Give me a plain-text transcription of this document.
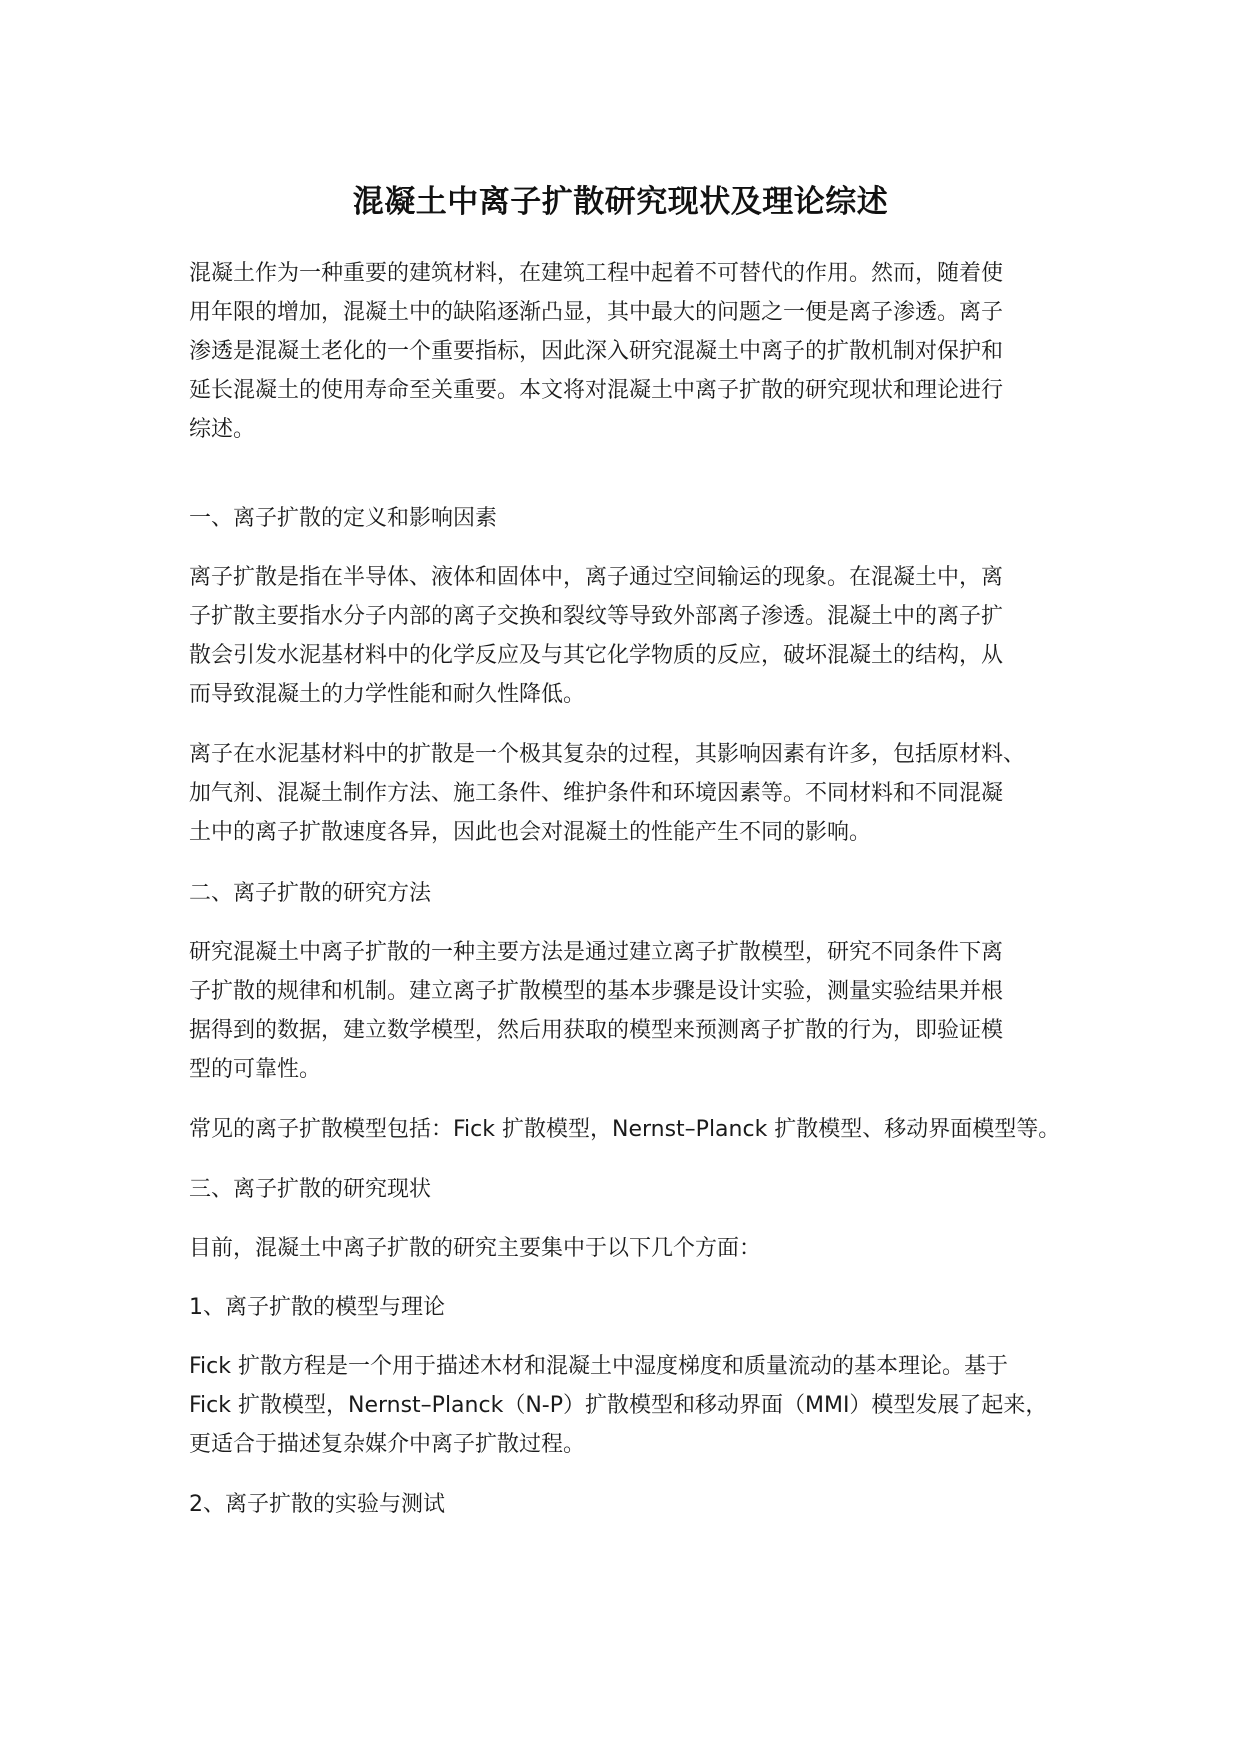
混凝土中离子扩散研究现状及理论综述
混凝土作为一种重要的建筑材料，在建筑工程中起着不可替代的作用。然而，随着使
用年限的增加，混凝土中的缺陷逐渐凸显，其中最大的问题之一便是离子渗透。离子
渗透是混凝土老化的一个重要指标，因此深入研究混凝土中离子的扩散机制对保护和
延长混凝土的使用寿命至关重要。本文将对混凝土中离子扩散的研究现状和理论进行
综述。
一、离子扩散的定义和影响因素
离子扩散是指在半导体、液体和固体中，离子通过空间输运的现象。在混凝土中，离
子扩散主要指水分子内部的离子交换和裂纹等导致外部离子渗透。混凝土中的离子扩
散会引发水泥基材料中的化学反应及与其它化学物质的反应，破坏混凝土的结构，从
而导致混凝土的力学性能和耐久性降低。
离子在水泥基材料中的扩散是一个极其复杂的过程，其影响因素有许多，包括原材料、
加气剂、混凝土制作方法、施工条件、维护条件和环境因素等。不同材料和不同混凝
土中的离子扩散速度各异，因此也会对混凝土的性能产生不同的影响。
二、离子扩散的研究方法
研究混凝土中离子扩散的一种主要方法是通过建立离子扩散模型，研究不同条件下离
子扩散的规律和机制。建立离子扩散模型的基本步骤是设计实验，测量实验结果并根
据得到的数据，建立数学模型，然后用获取的模型来预测离子扩散的行为，即验证模
型的可靠性。
常见的离子扩散模型包括：Fick 扩散模型，Nernst–Planck 扩散模型、移动界面模型等。
三、离子扩散的研究现状
目前，混凝土中离子扩散的研究主要集中于以下几个方面：
1、离子扩散的模型与理论
Fick 扩散方程是一个用于描述木材和混凝土中湿度梯度和质量流动的基本理论。基于
Fick 扩散模型，Nernst–Planck（N-P）扩散模型和移动界面（MMI）模型发展了起来，
更适合于描述复杂媒介中离子扩散过程。
2、离子扩散的实验与测试
